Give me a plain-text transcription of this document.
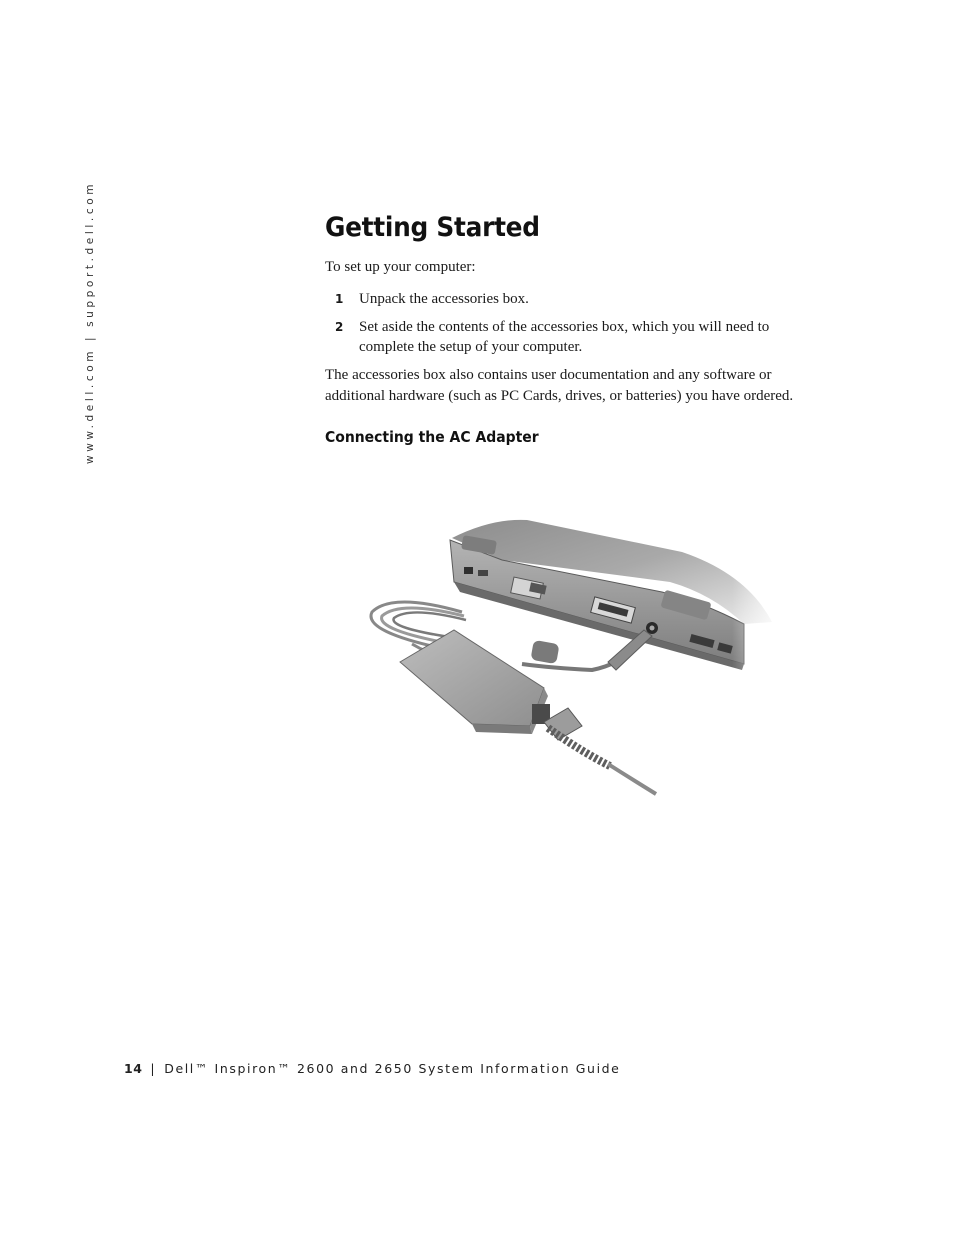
www.dell.com | support.dell.com	Getting Started

To set up your computer:

1 Unpack the accessories box.
2 Set aside the contents of the accessories box, which you will need to complete the setup of your computer.

The accessories box also contains user documentation and any software or additional hardware (such as PC Cards, drives, or batteries) you have ordered.

Connecting the AC Adapter
14 | Dell™ Inspiron™ 2600 and 2650 System Information Guide
